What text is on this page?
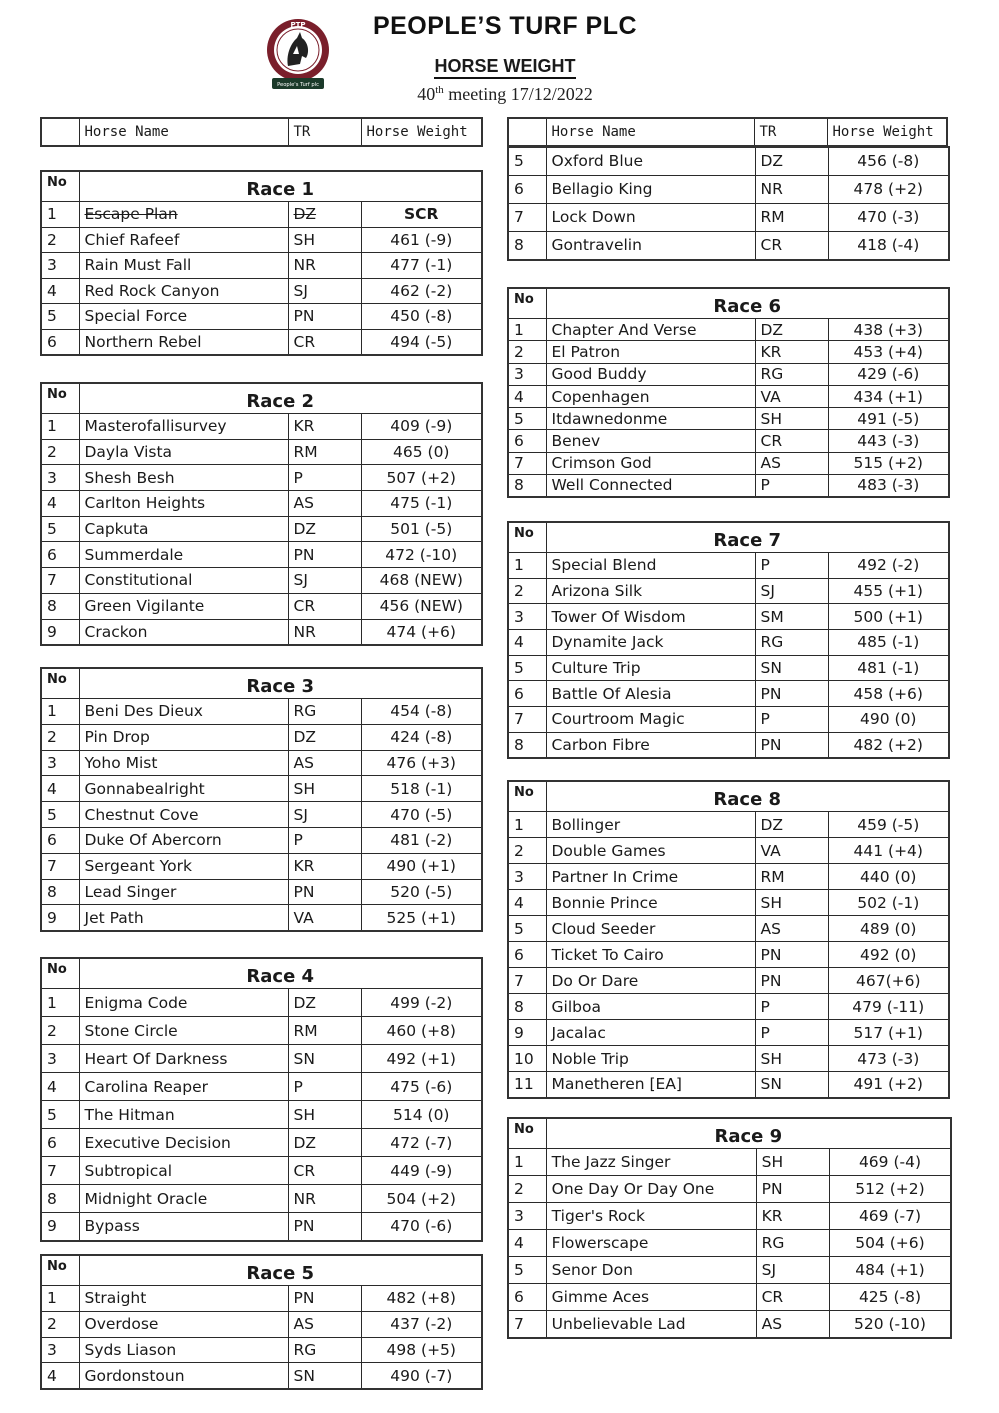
PTP
People's Turf plc
PEOPLE’S TURF PLC
HORSE WEIGHT
40th meeting 17/12/2022
	Horse Name	TR	Horse Weight
		Horse Name	TR	Horse Weight
No	Race 1		
1	Escape Plan	DZ	SCR
2	Chief Rafeef	SH	461 (-9)
3	Rain Must Fall	NR	477 (-1)
4	Red Rock Canyon	SJ	462 (-2)
5	Special Force	PN	450 (-8)
6	Northern Rebel	CR	494 (-5)
No	Race 2		
1	Masterofallisurvey	KR	409 (-9)
2	Dayla Vista	RM	465 (0)
3	Shesh Besh	P	507 (+2)
4	Carlton Heights	AS	475 (-1)
5	Capkuta	DZ	501 (-5)
6	Summerdale	PN	472 (-10)
7	Constitutional	SJ	468 (NEW)
8	Green Vigilante	CR	456 (NEW)
9	Crackon	NR	474 (+6)
No	Race 3		
1	Beni Des Dieux	RG	454 (-8)
2	Pin Drop	DZ	424 (-8)
3	Yoho Mist	AS	476 (+3)
4	Gonnabealright	SH	518 (-1)
5	Chestnut Cove	SJ	470 (-5)
6	Duke Of Abercorn	P	481 (-2)
7	Sergeant York	KR	490 (+1)
8	Lead Singer	PN	520 (-5)
9	Jet Path	VA	525 (+1)
No	Race 4		
1	Enigma Code	DZ	499 (-2)
2	Stone Circle	RM	460 (+8)
3	Heart Of Darkness	SN	492 (+1)
4	Carolina Reaper	P	475 (-6)
5	The Hitman	SH	514 (0)
6	Executive Decision	DZ	472 (-7)
7	Subtropical	CR	449 (-9)
8	Midnight Oracle	NR	504 (+2)
9	Bypass	PN	470 (-6)
No	Race 5		
1	Straight	PN	482 (+8)
2	Overdose	AS	437 (-2)
3	Syds Liason	RG	498 (+5)
4	Gordonstoun	SN	490 (-7)
5	Oxford Blue	DZ	456 (-8)
6	Bellagio King	NR	478 (+2)
7	Lock Down	RM	470 (-3)
8	Gontravelin	CR	418 (-4)
No	Race 6		
1	Chapter And Verse	DZ	438 (+3)
2	El Patron	KR	453 (+4)
3	Good Buddy	RG	429 (-6)
4	Copenhagen	VA	434 (+1)
5	Itdawnedonme	SH	491 (-5)
6	Benev	CR	443 (-3)
7	Crimson God	AS	515 (+2)
8	Well Connected	P	483 (-3)
No	Race 7		
1	Special Blend	P	492 (-2)
2	Arizona Silk	SJ	455 (+1)
3	Tower Of Wisdom	SM	500 (+1)
4	Dynamite Jack	RG	485 (-1)
5	Culture Trip	SN	481 (-1)
6	Battle Of Alesia	PN	458 (+6)
7	Courtroom Magic	P	490 (0)
8	Carbon Fibre	PN	482 (+2)
No	Race 8		
1	Bollinger	DZ	459 (-5)
2	Double Games	VA	441 (+4)
3	Partner In Crime	RM	440 (0)
4	Bonnie Prince	SH	502 (-1)
5	Cloud Seeder	AS	489 (0)
6	Ticket To Cairo	PN	492 (0)
7	Do Or Dare	PN	467(+6)
8	Gilboa	P	479 (-11)
9	Jacalac	P	517 (+1)
10	Noble Trip	SH	473 (-3)
11	Manetheren [EA]	SN	491 (+2)
No	Race 9		
1	The Jazz Singer	SH	469 (-4)
2	One Day Or Day One	PN	512 (+2)
3	Tiger's Rock	KR	469 (-7)
4	Flowerscape	RG	504 (+6)
5	Senor Don	SJ	484 (+1)
6	Gimme Aces	CR	425 (-8)
7	Unbelievable Lad	AS	520 (-10)
